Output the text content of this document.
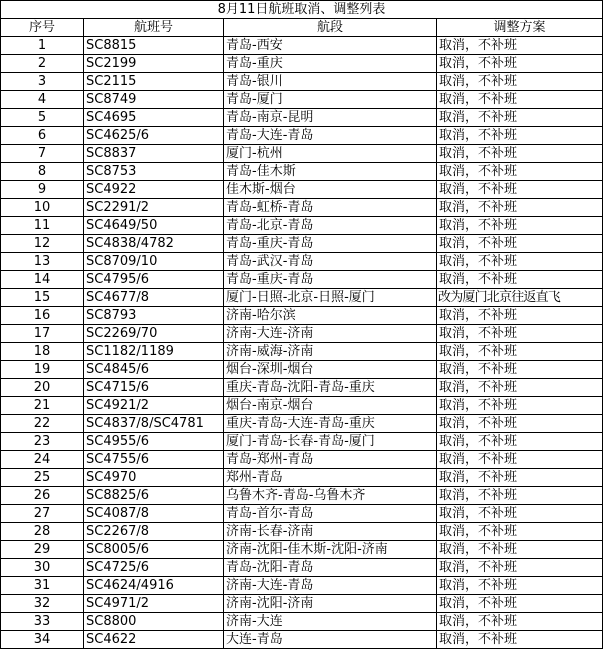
8月11日航班取消、调整列表			
序号	航班号	航段	调整方案
1	SC8815	青岛-西安	取消，不补班
2	SC2199	青岛-重庆	取消，不补班
3	SC2115	青岛-银川	取消，不补班
4	SC8749	青岛-厦门	取消，不补班
5	SC4695	青岛-南京-昆明	取消，不补班
6	SC4625/6	青岛-大连-青岛	取消，不补班
7	SC8837	厦门-杭州	取消，不补班
8	SC8753	青岛-佳木斯	取消，不补班
9	SC4922	佳木斯-烟台	取消，不补班
10	SC2291/2	青岛-虹桥-青岛	取消，不补班
11	SC4649/50	青岛-北京-青岛	取消，不补班
12	SC4838/4782	青岛-重庆-青岛	取消，不补班
13	SC8709/10	青岛-武汉-青岛	取消，不补班
14	SC4795/6	青岛-重庆-青岛	取消，不补班
15	SC4677/8	厦门-日照-北京-日照-厦门	改为厦门北京往返直飞
16	SC8793	济南-哈尔滨	取消，不补班
17	SC2269/70	济南-大连-济南	取消，不补班
18	SC1182/1189	济南-威海-济南	取消，不补班
19	SC4845/6	烟台-深圳-烟台	取消，不补班
20	SC4715/6	重庆-青岛-沈阳-青岛-重庆	取消，不补班
21	SC4921/2	烟台-南京-烟台	取消，不补班
22	SC4837/8/SC4781	重庆-青岛-大连-青岛-重庆	取消，不补班
23	SC4955/6	厦门-青岛-长春-青岛-厦门	取消，不补班
24	SC4755/6	青岛-郑州-青岛	取消，不补班
25	SC4970	郑州-青岛	取消，不补班
26	SC8825/6	乌鲁木齐-青岛-乌鲁木齐	取消，不补班
27	SC4087/8	青岛-首尔-青岛	取消，不补班
28	SC2267/8	济南-长春-济南	取消，不补班
29	SC8005/6	济南-沈阳-佳木斯-沈阳-济南	取消，不补班
30	SC4725/6	青岛-沈阳-青岛	取消，不补班
31	SC4624/4916	济南-大连-青岛	取消，不补班
32	SC4971/2	济南-沈阳-济南	取消，不补班
33	SC8800	济南-大连	取消，不补班
34	SC4622	大连-青岛	取消，不补班
